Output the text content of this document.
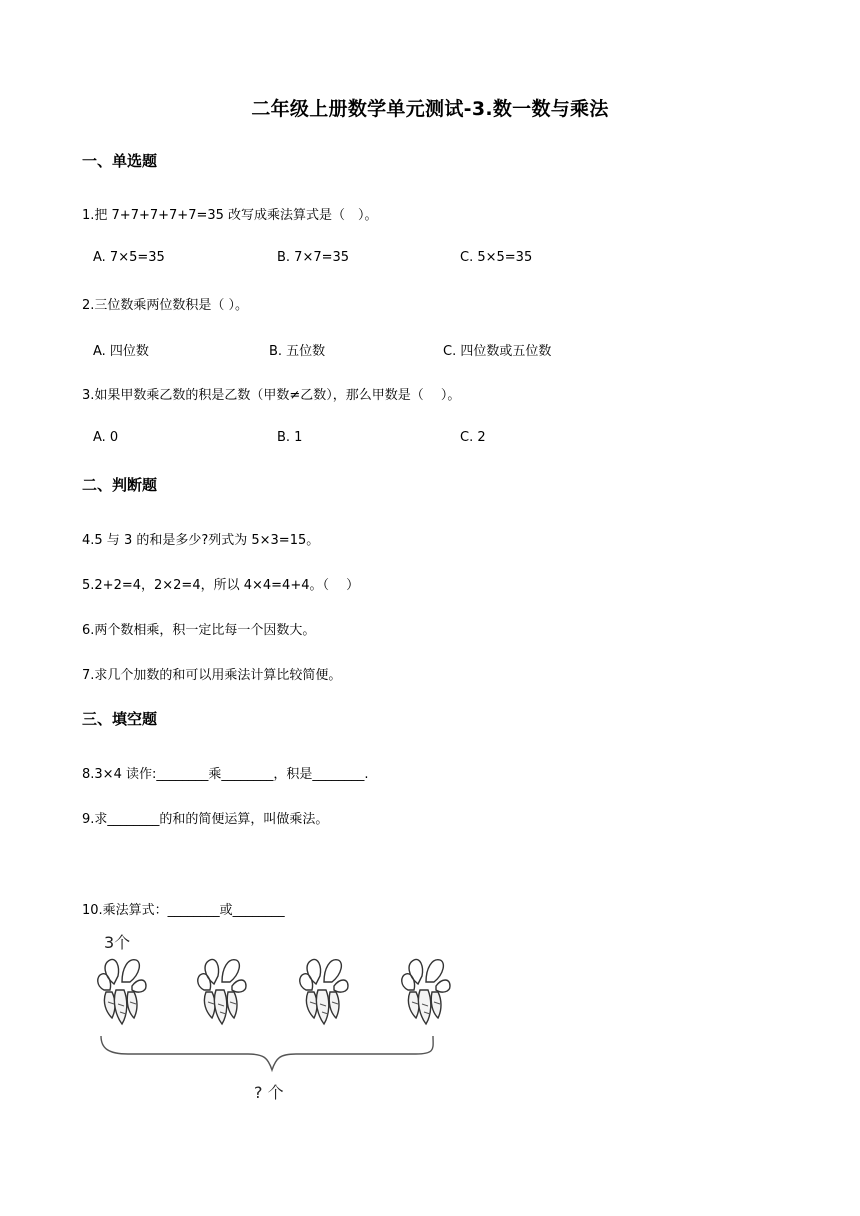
二年级上册数学单元测试-3.数一数与乘法
一、单选题
1.把 7+7+7+7+7=35 改写成乘法算式是（　）。
A. 7×5=35	B. 7×7=35	C. 5×5=35
2.三位数乘两位数积是（ ）。
A. 四位数	B. 五位数	C. 四位数或五位数
3.如果甲数乘乙数的积是乙数（甲数≠乙数），那么甲数是（　 ）。
A. 0	B. 1	C. 2
二、判断题
4.5 与 3 的和是多少?列式为 5×3=15。
5.2+2=4，2×2=4，所以 4×4=4+4。（　 ）
6.两个数相乘，积一定比每一个因数大。
7.求几个加数的和可以用乘法计算比较简便。
三、填空题
8.3×4 读作:________乘________，积是________.
9.求________的和的简便运算，叫做乘法。
10.乘法算式：________或________
3个
? 个
